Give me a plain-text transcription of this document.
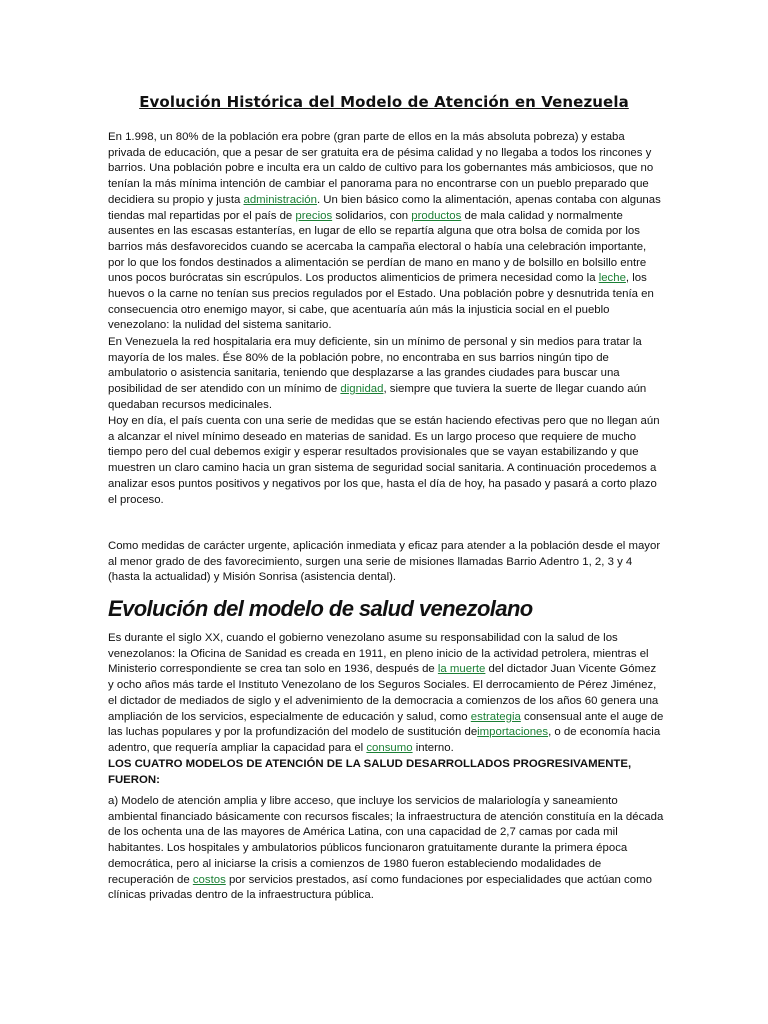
Evolución Histórica del Modelo de Atención en Venezuela

En 1.998, un 80% de la población era pobre (gran parte de ellos en la más absoluta pobreza) y estaba privada de educación, que a pesar de ser gratuita era de pésima calidad y no llegaba a todos los rincones y barrios. Una población pobre e inculta era un caldo de cultivo para los gobernantes más ambiciosos, que no tenían la más mínima intención de cambiar el panorama para no encontrarse con un pueblo preparado que decidiera su propio y justa administración. Un bien básico como la alimentación, apenas contaba con algunas tiendas mal repartidas por el país de precios solidarios, con productos de mala calidad y normalmente ausentes en las escasas estanterías, en lugar de ello se repartía alguna que otra bolsa de comida por los barrios más desfavorecidos cuando se acercaba la campaña electoral o había una celebración importante, por lo que los fondos destinados a alimentación se perdían de mano en mano y de bolsillo en bolsillo entre unos pocos burócratas sin escrúpulos. Los productos alimenticios de primera necesidad como la leche, los huevos o la carne no tenían sus precios regulados por el Estado. Una población pobre y desnutrida tenía en consecuencia otro enemigo mayor, si cabe, que acentuaría aún más la injusticia social en el pueblo venezolano: la nulidad del sistema sanitario.

En Venezuela la red hospitalaria era muy deficiente, sin un mínimo de personal y sin medios para tratar la mayoría de los males. Ése 80% de la población pobre, no encontraba en sus barrios ningún tipo de ambulatorio o asistencia sanitaria, teniendo que desplazarse a las grandes ciudades para buscar una posibilidad de ser atendido con un mínimo de dignidad, siempre que tuviera la suerte de llegar cuando aún quedaban recursos medicinales.

Hoy en día, el país cuenta con una serie de medidas que se están haciendo efectivas pero que no llegan aún a alcanzar el nivel mínimo deseado en materias de sanidad. Es un largo proceso que requiere de mucho tiempo pero del cual debemos exigir y esperar resultados provisionales que se vayan estabilizando y que muestren un claro camino hacia un gran sistema de seguridad social sanitaria. A continuación procedemos a analizar esos puntos positivos y negativos por los que, hasta el día de hoy, ha pasado y pasará a corto plazo el proceso.

Como medidas de carácter urgente, aplicación inmediata y eficaz para atender a la población desde el mayor al menor grado de des favorecimiento, surgen una serie de misiones llamadas Barrio Adentro 1, 2, 3 y 4 (hasta la actualidad) y Misión Sonrisa (asistencia dental).

Evolución del modelo de salud venezolano

Es durante el siglo XX, cuando el gobierno venezolano asume su responsabilidad con la salud de los venezolanos: la Oficina de Sanidad es creada en 1911, en pleno inicio de la actividad petrolera, mientras el Ministerio correspondiente se crea tan solo en 1936, después de la muerte del dictador Juan Vicente Gómez y ocho años más tarde el Instituto Venezolano de los Seguros Sociales. El derrocamiento de Pérez Jiménez, el dictador de mediados de siglo y el advenimiento de la democracia a comienzos de los años 60 genera una ampliación de los servicios, especialmente de educación y salud, como estrategia consensual ante el auge de las luchas populares y por la profundización del modelo de sustitución deimportaciones, o de economía hacia adentro, que requería ampliar la capacidad para el consumo interno.

LOS CUATRO MODELOS DE ATENCIÓN DE LA SALUD DESARROLLADOS PROGRESIVAMENTE, FUERON:

a) Modelo de atención amplia y libre acceso, que incluye los servicios de malariología y saneamiento ambiental financiado básicamente con recursos fiscales; la infraestructura de atención constituía en la década de los ochenta una de las mayores de América Latina, con una capacidad de 2,7 camas por cada mil habitantes. Los hospitales y ambulatorios públicos funcionaron gratuitamente durante la primera época democrática, pero al iniciarse la crisis a comienzos de 1980 fueron estableciendo modalidades de recuperación de costos por servicios prestados, así como fundaciones por especialidades que actúan como clínicas privadas dentro de la infraestructura pública.
